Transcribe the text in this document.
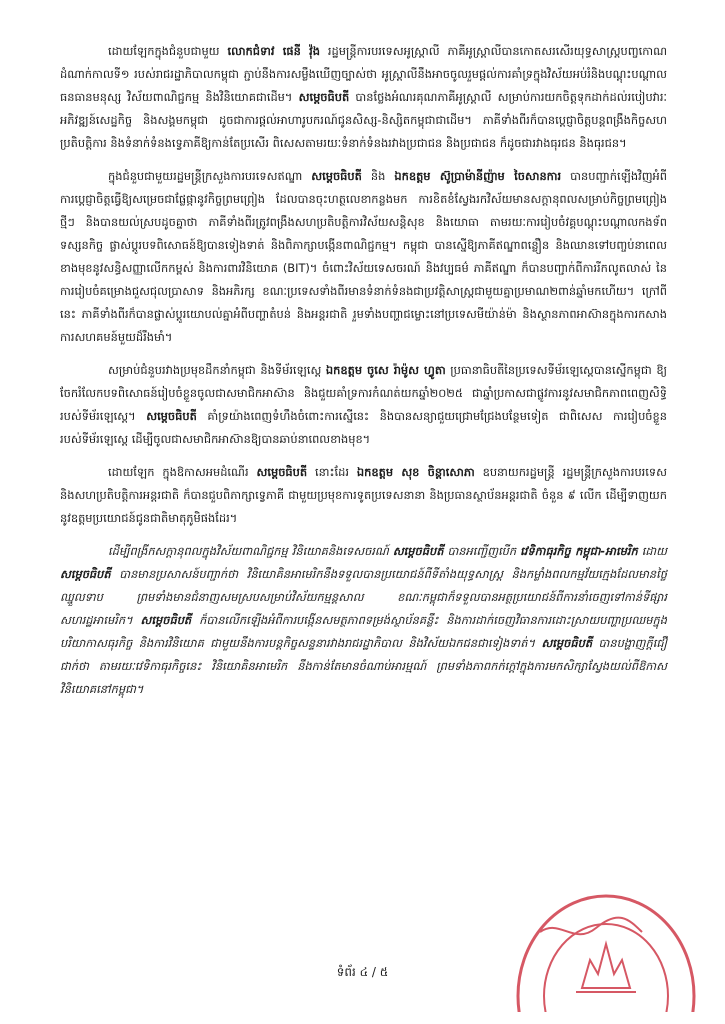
ដោយឡែកក្នុងជំនួបជាមួយ លោកជំទាវ ផេនី វ៉ុង រដ្ឋមន្ត្រីការបរទេសអូស្ត្រាលី ភាគីអូស្ត្រាលីបានកោតសរសើរយុទ្ធសាស្ត្របញ្ចកោណ ដំណាក់កាលទី១ របស់រាជរដ្ឋាភិបាលកម្ពុជា ភ្ជាប់នឹងការសម្លឹងឃើញច្បាស់ថា អូស្ត្រាលីនឹងអាចចូលរួមផ្តល់ការគាំទ្រក្នុងវិស័យអប់រំនិងបណ្តុះបណ្តាលធនធានមនុស្ស វិស័យពាណិជ្ជកម្ម និងវិនិយោគជាដើម។ សម្តេចធិបតី បានថ្លែងអំណរគុណភាគីអូស្ត្រាលី សម្រាប់ការយកចិត្តទុកដាក់ដល់របៀបវារៈអភិវឌ្ឍន៍សេដ្ឋកិច្ច និងសង្គមកម្ពុជា ដូចជាការផ្តល់អាហារូបករណ៍ជូនសិស្ស-និស្សិតកម្ពុជាជាដើម។ ភាគីទាំងពីរក៏បានប្តេជ្ញាចិត្តបន្តពង្រឹងកិច្ចសហប្រតិបត្តិការ និងទំនាក់ទំនងទ្វេភាគីឱ្យកាន់តែប្រសើរ ពិសេសតាមរយៈទំនាក់ទំនងរវាងប្រជាជន និងប្រជាជន ក៏ដូចជារវាងធុរជន និងធុរជន។

ក្នុងជំនួបជាមួយរដ្ឋមន្ត្រីក្រសួងការបរទេសឥណ្ឌា សម្តេចធិបតី និង ឯកឧត្តម ស៊ូប្រាម៉ានីញ៉ាម ចៃសានការ បានបញ្ជាក់ឡើងវិញអំពីការប្តេជ្ញាចិត្តធ្វើឱ្យសម្រេចជាផ្លែផ្កានូវកិច្ចព្រមព្រៀង ដែលបានចុះហត្ថលេខាកន្លងមក ការខិតខំស្វែងរកវិស័យមានសក្តានុពលសម្រាប់កិច្ចព្រមព្រៀងថ្មីៗ និងបានយល់ស្របដូចគ្នាថា ភាគីទាំងពីរត្រូវពង្រឹងសហប្រតិបត្តិការវិស័យសន្តិសុខ និងយោធា តាមរយៈការរៀបចំវគ្គបណ្តុះបណ្តាលកងទ័ព ទស្សនកិច្ច ផ្លាស់ប្តូរបទពិសោធន៍ឱ្យបានទៀងទាត់ និងពិភាក្សាបង្កើនពាណិជ្ជកម្ម។ កម្ពុជា បានស្នើឱ្យភាគីឥណ្ឌាពន្លឿន និងឈានទៅបញ្ចប់នាពេលខាងមុខនូវសន្ធិសញ្ញាលើកកម្ពស់ និងការពារវិនិយោគ (BIT)។ ចំពោះវិស័យទេសចរណ៍ និងវប្បធម៌ ភាគីឥណ្ឌា ក៏បានបញ្ជាក់ពីការរីកលូតលាស់ នៃការរៀបចំគម្រោងជួសជុលប្រាសាទ និងអភិរក្ស ខណៈប្រទេសទាំងពីរមានទំនាក់ទំនងជាប្រវត្តិសាស្ត្រជាមួយគ្នាប្រមាណ២ពាន់ឆ្នាំមកហើយ។ ក្រៅពីនេះ ភាគីទាំងពីរក៏បានផ្លាស់ប្តូរយោបល់គ្នាអំពីបញ្ហាតំបន់ និងអន្តរជាតិ រួមទាំងបញ្ហាជម្លោះនៅប្រទេសមីយ៉ាន់ម៉ា និងស្ថានភាពអាស៊ានក្នុងការកសាងការសហគមន៍មួយដ៏រឹងមាំ។

សម្រាប់ជំនួបរវាងប្រមុខដឹកនាំកម្ពុជា និងទីម័រឡេស្តេ ឯកឧត្តម ចូសេ រ៉ាម៉ូស ហ្វូតា ប្រធានាធិបតីនៃប្រទេសទីម័រឡេស្តេបានស្នើកម្ពុជា ឱ្យចែករំលែកបទពិសោធន៍រៀបចំខ្លួនចូលជាសមាជិកអាស៊ាន និងជួយគាំទ្រការកំណត់យកឆ្នាំ២០២៥ ជាឆ្នាំប្រកាសជាផ្លូវការនូវសមាជិកភាពពេញសិទ្ធិរបស់ទីម័រឡេស្តេ។ សម្តេចធិបតី គាំទ្រយ៉ាងពេញទំហឹងចំពោះការស្នើនេះ និងបានសន្យាជួយជ្រោមជ្រែងបន្ថែមទៀត ជាពិសេស ការរៀបចំខ្លួនរបស់ទីម័រឡេស្តេ ដើម្បីចូលជាសមាជិកអាស៊ានឱ្យបានឆាប់នាពេលខាងមុខ។

ដោយឡែក ក្នុងឱកាសអមដំណើរ សម្តេចធិបតី នោះដែរ ឯកឧត្តម សុខ ចិន្តាសោភា ឧបនាយករដ្ឋមន្ត្រី រដ្ឋមន្ត្រីក្រសួងការបរទេស និងសហប្រតិបត្តិការអន្តរជាតិ ក៏បានជួបពិភាក្សាទ្វេភាគី ជាមួយប្រមុខការទូតប្រទេសនានា និងប្រធានស្ថាប័នអន្តរជាតិ ចំនួន ៩ លើក ដើម្បីទាញយកនូវឧត្តមប្រយោជន៍ជូនជាតិមាតុភូមិផងដែរ។

ដើម្បីពង្រីកសក្តានុពលក្នុងវិស័យពាណិជ្ជកម្ម វិនិយោគនិងទេសចរណ៍ សម្តេចធិបតី បានអញ្ជើញបើក វេទិកាធុរកិច្ច កម្ពុជា-អាមេរិក ដោយ សម្តេចធិបតី បានមានប្រសាសន៍បញ្ជាក់ថា វិនិយោគិនអាមេរិកនឹងទទួលបានប្រយោជន៍ពីទីតាំងយុទ្ធសាស្ត្រ និងកម្លាំងពលកម្មវ័យក្មេងដែលមានថ្លៃឈ្នួលទាប ព្រមទាំងមានជំនាញសមស្របសម្រាប់វិស័យកម្មន្តសាល ខណៈកម្ពុជាក៏ទទួលបានអត្ថប្រយោជន៍ពីការនាំចេញទៅកាន់ទីផ្សារសហរដ្ឋអាមេរិក។ សម្តេចធិបតី ក៏បានលើកឡើងអំពីការបង្កើនសមត្ថភាពទម្រង់ស្ថាប័នគន្លឹះ និងការដាក់ចេញវិធានការដោះស្រាយបញ្ហាប្រឈមក្នុងបរិយាកាសធុរកិច្ច និងការវិនិយោគ ជាមួយនឹងការបន្តកិច្ចសន្ទនារវាងរាជរដ្ឋាភិបាល និងវិស័យឯកជនជាទៀងទាត់។ សម្តេចធិបតី បានបង្ហាញក្តីជឿជាក់ថា តាមរយៈវេទិកាធុរកិច្ចនេះ វិនិយោគិនអាមេរិក នឹងកាន់តែមានចំណាប់អារម្មណ៍ ព្រមទាំងភាពកក់ក្តៅក្នុងការមកសិក្សាស្វែងយល់ពីឱកាសវិនិយោគនៅកម្ពុជា។

ទំព័រ ៤ / ៥
